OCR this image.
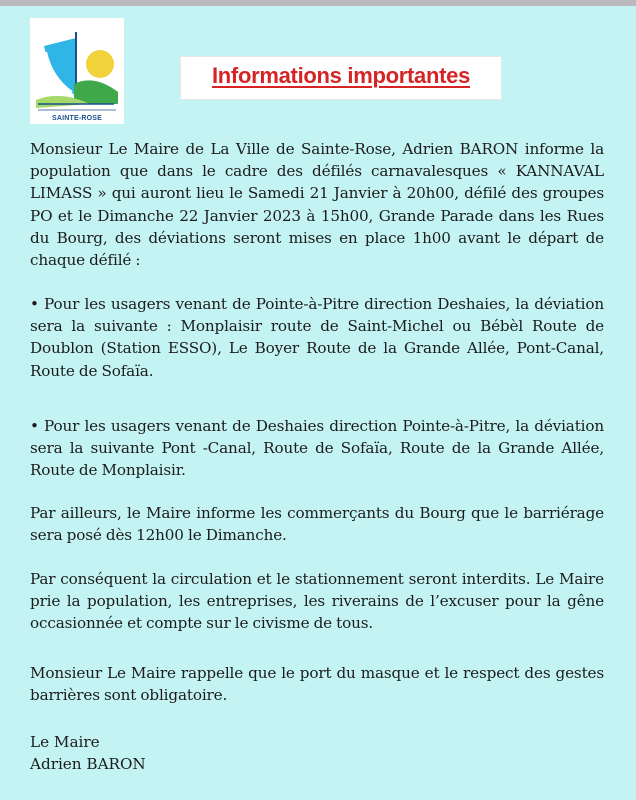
SAINTE-ROSE
Informations importantes
Monsieur Le Maire de La Ville de Sainte-Rose, Adrien BARON informe la population que dans le cadre des défilés carnavalesques « KANNAVAL LIMASS » qui auront lieu le Samedi 21 Janvier à 20h00, défilé des groupes PO et le Dimanche 22 Janvier 2023 à 15h00, Grande Parade dans les Rues du Bourg, des déviations seront mises en place 1h00 avant le départ de chaque défilé :
• Pour les usagers venant de Pointe-à-Pitre direction Deshaies, la déviation sera la suivante : Monplaisir route de Saint-Michel ou Bébèl Route de Doublon (Station ESSO), Le Boyer Route de la Grande Allée, Pont-Canal, Route de Sofaïa.
• Pour les usagers venant de Deshaies direction Pointe-à-Pitre, la déviation sera la suivante Pont -Canal, Route de Sofaïa, Route de la Grande Allée, Route de Monplaisir.
Par ailleurs, le Maire informe les commerçants du Bourg que le barriérage sera posé dès 12h00 le Dimanche.
Par conséquent la circulation et le stationnement seront interdits. Le Maire prie la population, les entreprises, les riverains de l’excuser pour la gêne occasionnée et compte sur le civisme de tous.
Monsieur Le Maire rappelle que le port du masque et le respect des gestes barrières sont obligatoire.
Le Maire
Adrien BARON
